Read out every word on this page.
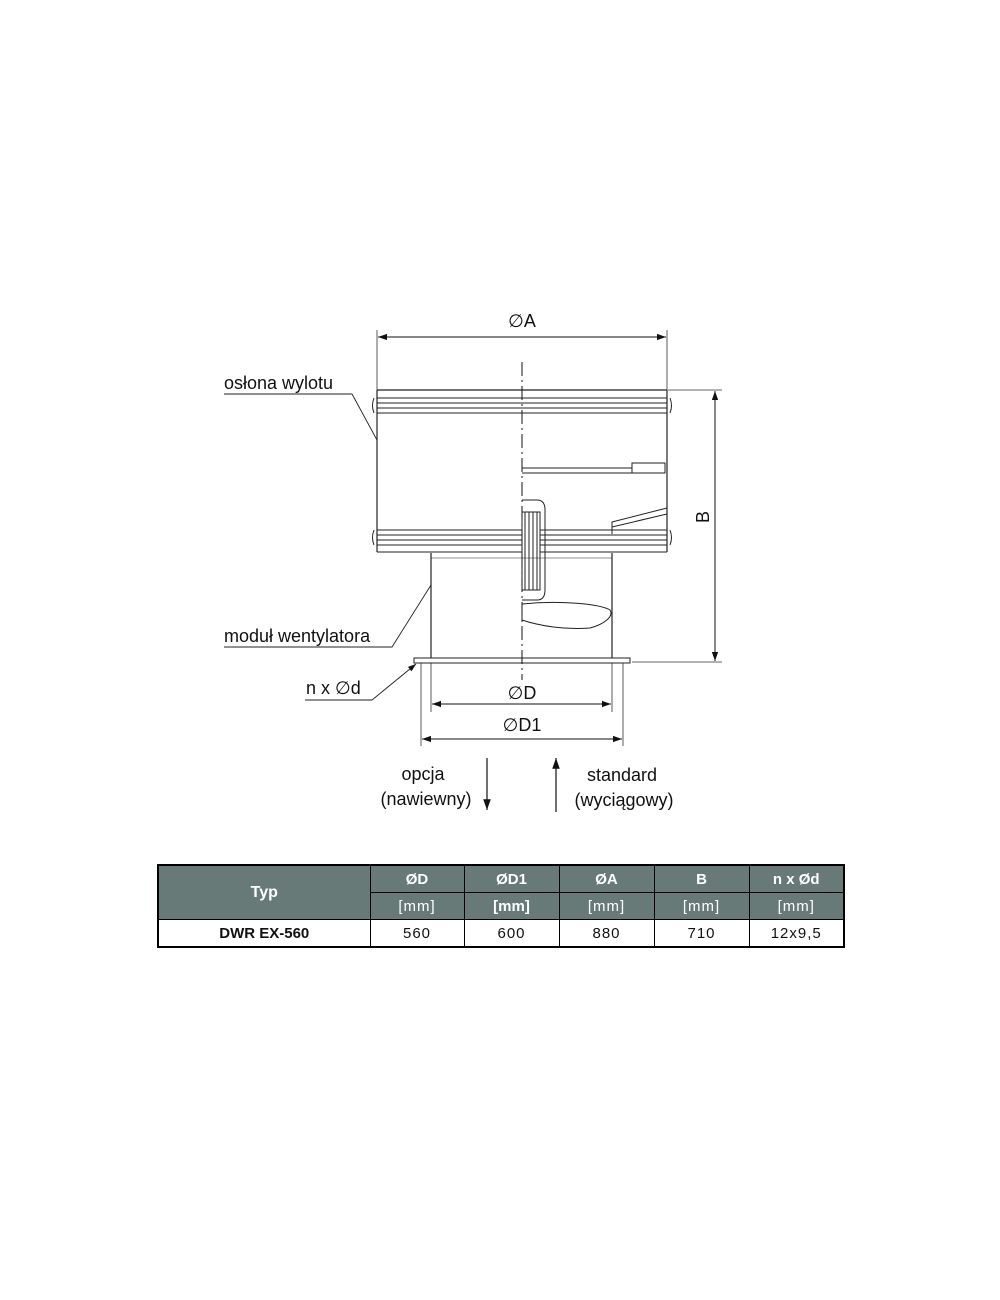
∅A
B
osłona wylotu
moduł wentylatora
n x ∅d	∅D
∅D1
opcja
(nawiewny)
standard
(wyciągowy)
Typ	ØD	ØD1	ØA	B	n x Ød
	[mm]	[mm]	[mm]	[mm]	[mm]
DWR EX-560	560	600	880	710	12x9,5
